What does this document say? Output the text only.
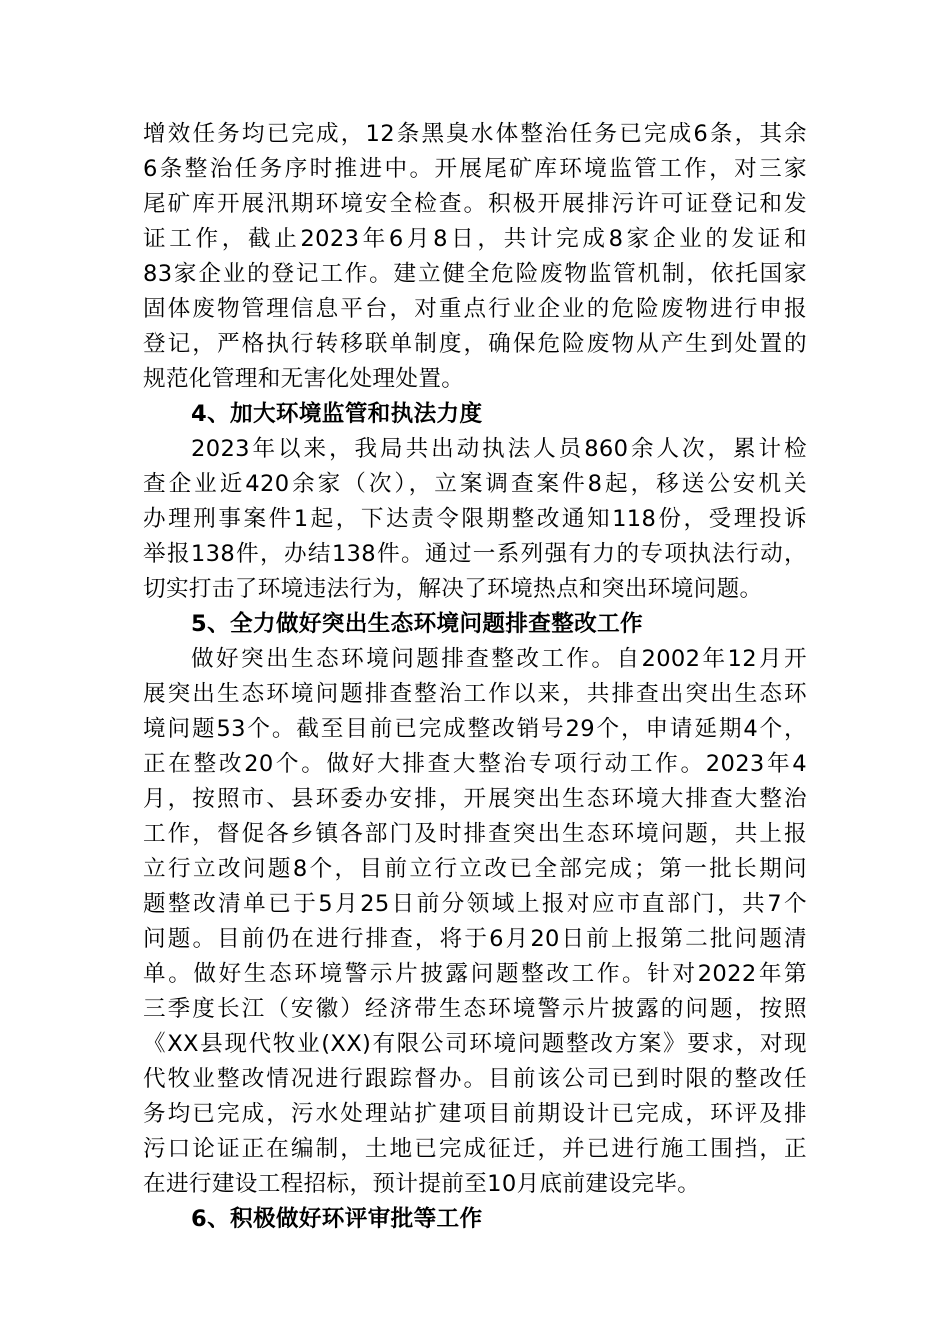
增效任务均已完成，12条黑臭水体整治任务已完成6条，其余
6条整治任务序时推进中。开展尾矿库环境监管工作，对三家
尾矿库开展汛期环境安全检查。积极开展排污许可证登记和发
证工作，截止2023年6月8日，共计完成8家企业的发证和
83家企业的登记工作。建立健全危险废物监管机制，依托国家
固体废物管理信息平台，对重点行业企业的危险废物进行申报
登记，严格执行转移联单制度，确保危险废物从产生到处置的
规范化管理和无害化处理处置。
4、加大环境监管和执法力度
2023年以来，我局共出动执法人员860余人次，累计检
查企业近420余家（次），立案调查案件8起，移送公安机关
办理刑事案件1起，下达责令限期整改通知118份，受理投诉
举报138件，办结138件。通过一系列强有力的专项执法行动，
切实打击了环境违法行为，解决了环境热点和突出环境问题。
5、全力做好突出生态环境问题排查整改工作
做好突出生态环境问题排查整改工作。自2002年12月开
展突出生态环境问题排查整治工作以来，共排查出突出生态环
境问题53个。截至目前已完成整改销号29个，申请延期4个，
正在整改20个。做好大排查大整治专项行动工作。2023年4
月，按照市、县环委办安排，开展突出生态环境大排查大整治
工作，督促各乡镇各部门及时排查突出生态环境问题，共上报
立行立改问题8个，目前立行立改已全部完成；第一批长期问
题整改清单已于5月25日前分领域上报对应市直部门，共7个
问题。目前仍在进行排查，将于6月20日前上报第二批问题清
单。做好生态环境警示片披露问题整改工作。针对2022年第
三季度长江（安徽）经济带生态环境警示片披露的问题，按照
《XX县现代牧业(XX)有限公司环境问题整改方案》要求，对现
代牧业整改情况进行跟踪督办。目前该公司已到时限的整改任
务均已完成，污水处理站扩建项目前期设计已完成，环评及排
污口论证正在编制，土地已完成征迁，并已进行施工围挡，正
在进行建设工程招标，预计提前至10月底前建设完毕。
6、积极做好环评审批等工作
